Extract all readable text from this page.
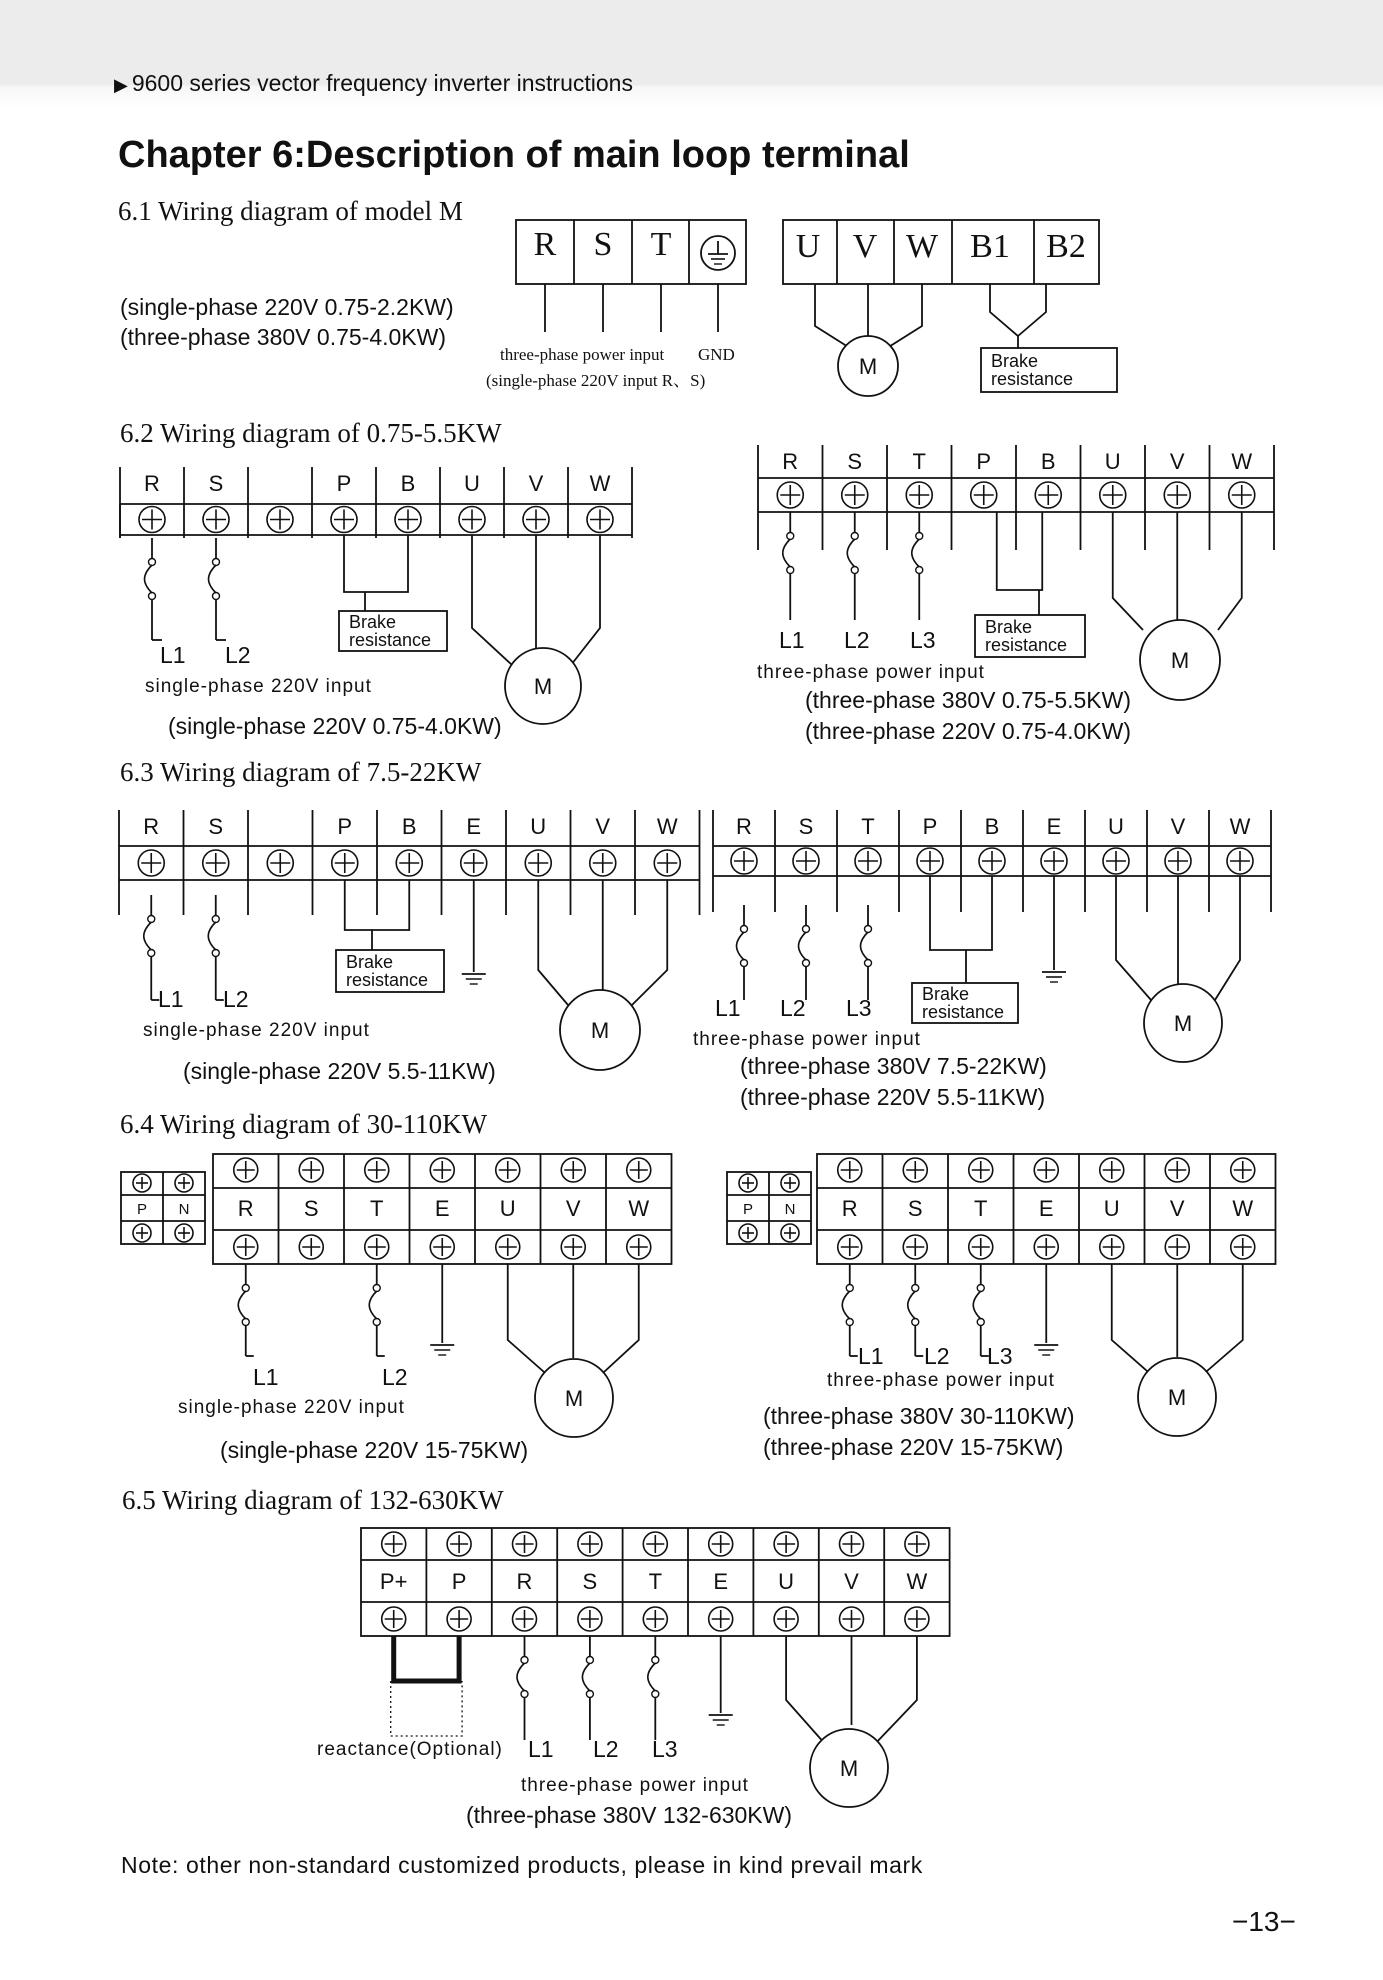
▶ 9600 series vector frequency inverter instructions
Chapter 6:Description of main loop terminal
6.1 Wiring diagram of model M
6.2 Wiring diagram of 0.75-5.5KW
6.3 Wiring diagram of 7.5-22KW
6.4 Wiring diagram of 30-110KW
6.5 Wiring diagram of 132-630KW
(single-phase 220V 0.75-2.2KW)
(three-phase 380V 0.75-4.0KW)
R S T
three-phase power input GND
(single-phase 220V input R、S)
U V W B1 B2
M	Brake
resistance
R S	P B U V W
L1 L2
single-phase 220V input
(single-phase 220V 0.75-4.0KW)
Brake
resistance
M
R S T P B U V W
L1 L2 L3
three-phase power input
(three-phase 380V 0.75-5.5KW)
(three-phase 220V 0.75-4.0KW)
Brake
resistance
M
R S	P B E U V W
L1 L2
single-phase 220V input
(single-phase 220V 5.5-11KW)
Brake
resistance
M
R S T P B E U V W
L1 L2 L3
three-phase power input
(three-phase 380V 7.5-22KW)
(three-phase 220V 5.5-11KW)
Brake
resistance	M
R S T E U V W
P N
L1	L2
single-phase 220V input
(single-phase 220V 15-75KW)
M
R S T E U V W
P N
L1 L2 L3
three-phase power input
(three-phase 380V 30-110KW)
(three-phase 220V 15-75KW)
M
P+ P R S T E U V W
reactance(Optional) L1 L2 L3
three-phase power input
(three-phase 380V 132-630KW)
M
Note: other non-standard customized products, please in kind prevail mark
−13−
